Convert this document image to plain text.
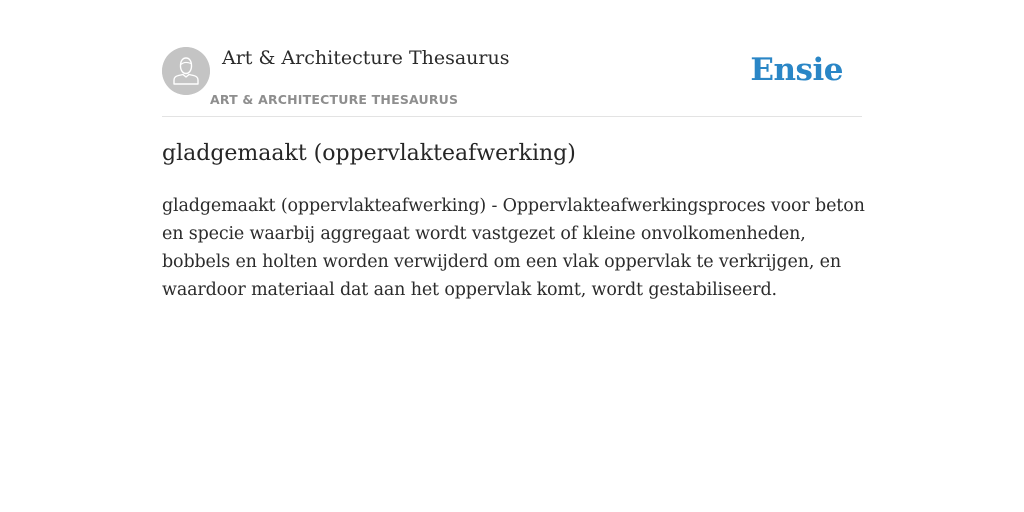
Art & Architecture Thesaurus
ART & ARCHITECTURE THESAURUS
Ensie
gladgemaakt (oppervlakteafwerking)

gladgemaakt (oppervlakteafwerking) - Oppervlakteafwerkingsproces voor beton en specie waarbij aggregaat wordt vastgezet of kleine onvolkomenheden, bobbels en holten worden verwijderd om een vlak oppervlak te verkrijgen, en waardoor materiaal dat aan het oppervlak komt, wordt gestabiliseerd.
